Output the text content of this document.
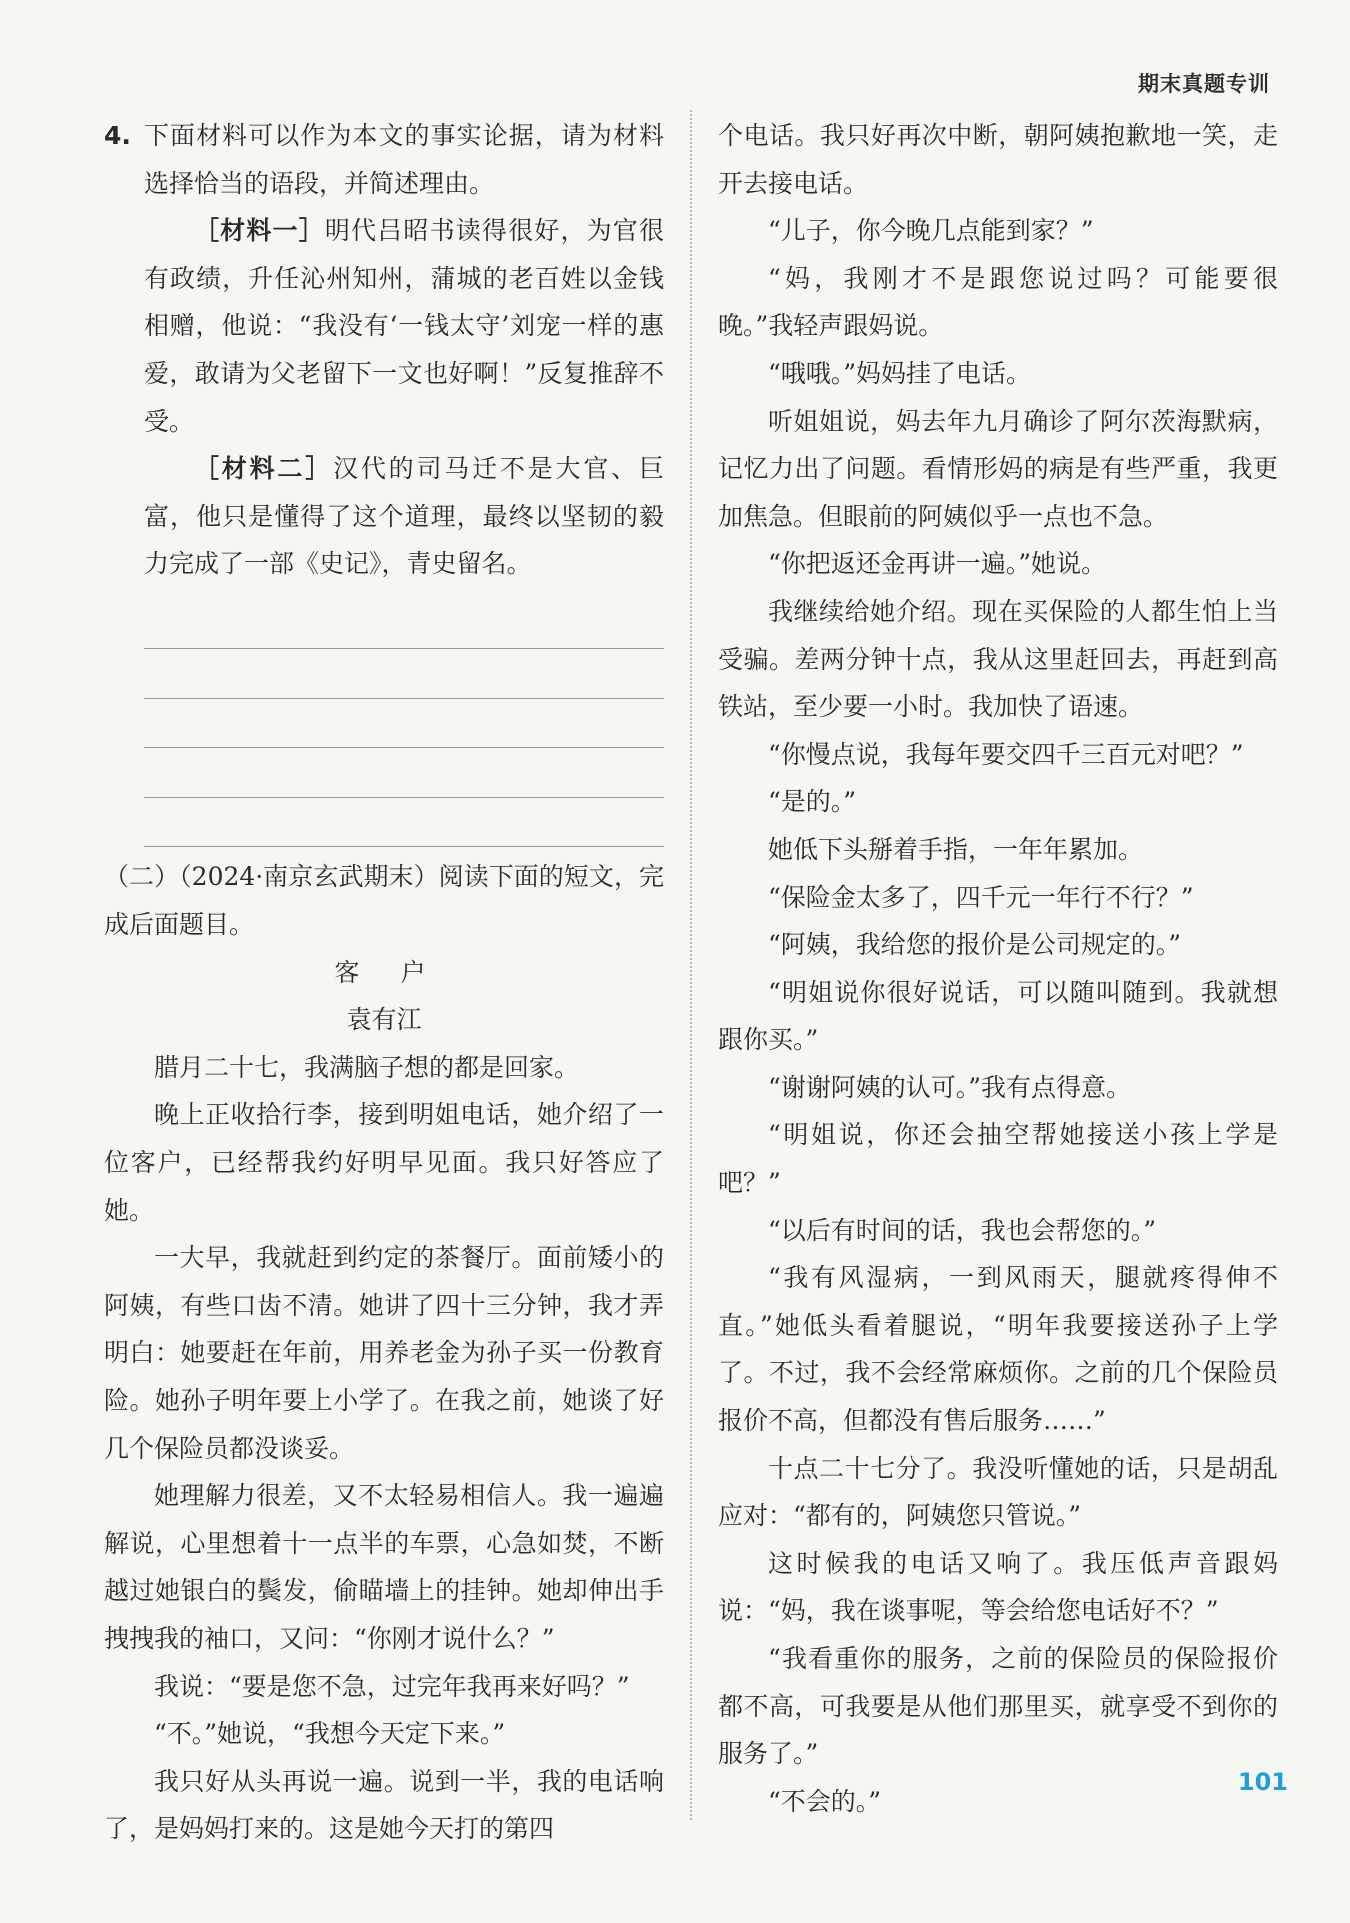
期末真题专训
4. 下面材料可以作为本文的事实论据，请为材料选择恰当的语段，并简述理由。

［材料一］明代吕昭书读得很好，为官很有政绩，升任沁州知州，蒲城的老百姓以金钱相赠，他说：“我没有‘一钱太守’刘宠一样的惠爱，敢请为父老留下一文也好啊！”反复推辞不受。

［材料二］汉代的司马迁不是大官、巨富，他只是懂得了这个道理，最终以坚韧的毅力完成了一部《史记》，青史留名。

（二）（2024·南京玄武期末）阅读下面的短文，完成后面题目。

客　户

袁有江

腊月二十七，我满脑子想的都是回家。

晚上正收拾行李，接到明姐电话，她介绍了一位客户，已经帮我约好明早见面。我只好答应了她。

一大早，我就赶到约定的茶餐厅。面前矮小的阿姨，有些口齿不清。她讲了四十三分钟，我才弄明白：她要赶在年前，用养老金为孙子买一份教育险。她孙子明年要上小学了。在我之前，她谈了好几个保险员都没谈妥。

她理解力很差，又不太轻易相信人。我一遍遍解说，心里想着十一点半的车票，心急如焚，不断越过她银白的鬓发，偷瞄墙上的挂钟。她却伸出手拽拽我的袖口，又问：“你刚才说什么？”

我说：“要是您不急，过完年我再来好吗？”

“不。”她说，“我想今天定下来。”

我只好从头再说一遍。说到一半，我的电话响了，是妈妈打来的。这是她今天打的第四

个电话。我只好再次中断，朝阿姨抱歉地一笑，走开去接电话。

“儿子，你今晚几点能到家？”

“妈，我刚才不是跟您说过吗？可能要很晚。”我轻声跟妈说。

“哦哦。”妈妈挂了电话。

听姐姐说，妈去年九月确诊了阿尔茨海默病，记忆力出了问题。看情形妈的病是有些严重，我更加焦急。但眼前的阿姨似乎一点也不急。

“你把返还金再讲一遍。”她说。

我继续给她介绍。现在买保险的人都生怕上当受骗。差两分钟十点，我从这里赶回去，再赶到高铁站，至少要一小时。我加快了语速。

“你慢点说，我每年要交四千三百元对吧？”

“是的。”

她低下头掰着手指，一年年累加。

“保险金太多了，四千元一年行不行？”

“阿姨，我给您的报价是公司规定的。”

“明姐说你很好说话，可以随叫随到。我就想跟你买。”

“谢谢阿姨的认可。”我有点得意。

“明姐说，你还会抽空帮她接送小孩上学是吧？”

“以后有时间的话，我也会帮您的。”

“我有风湿病，一到风雨天，腿就疼得伸不直。”她低头看着腿说，“明年我要接送孙子上学了。不过，我不会经常麻烦你。之前的几个保险员报价不高，但都没有售后服务……”

十点二十七分了。我没听懂她的话，只是胡乱应对：“都有的，阿姨您只管说。”

这时候我的电话又响了。我压低声音跟妈说：“妈，我在谈事呢，等会给您电话好不？”

“我看重你的服务，之前的保险员的保险报价都不高，可我要是从他们那里买，就享受不到你的服务了。”

“不会的。”

101
